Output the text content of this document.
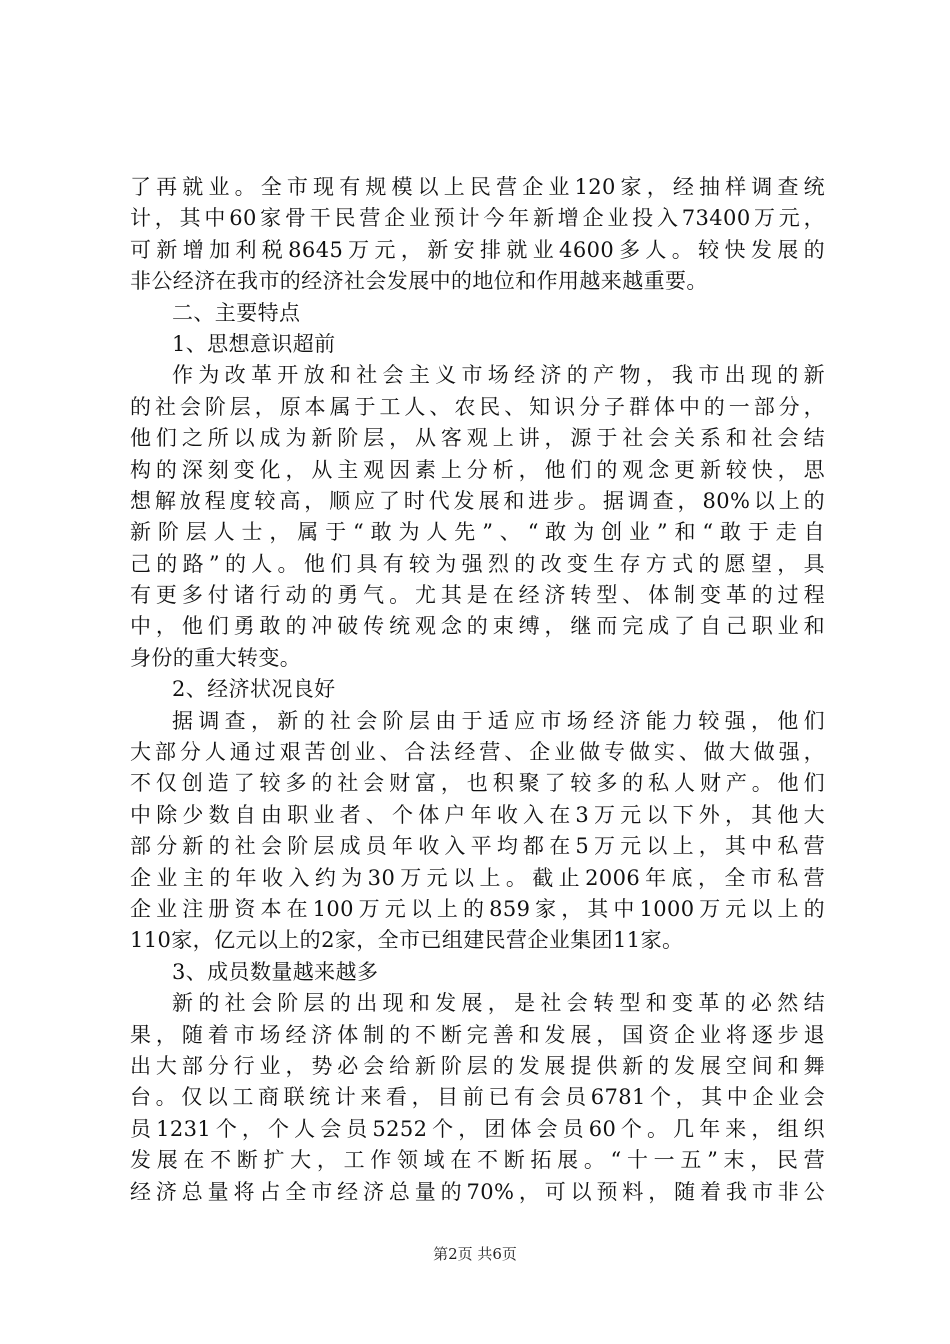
了再就业。全市现有规模以上民营企业120家，经抽样调查统
计，其中60家骨干民营企业预计今年新增企业投入73400万元，
可新增加利税8645万元，新安排就业4600多人。较快发展的
非公经济在我市的经济社会发展中的地位和作用越来越重要。
二、主要特点
1、思想意识超前
作为改革开放和社会主义市场经济的产物，我市出现的新
的社会阶层，原本属于工人、农民、知识分子群体中的一部分，
他们之所以成为新阶层，从客观上讲，源于社会关系和社会结
构的深刻变化，从主观因素上分析，他们的观念更新较快，思
想解放程度较高，顺应了时代发展和进步。据调查，80%以上的
新阶层人士，属于“敢为人先”、“敢为创业”和“敢于走自
己的路”的人。他们具有较为强烈的改变生存方式的愿望，具
有更多付诸行动的勇气。尤其是在经济转型、体制变革的过程
中，他们勇敢的冲破传统观念的束缚，继而完成了自己职业和
身份的重大转变。
2、经济状况良好
据调查，新的社会阶层由于适应市场经济能力较强，他们
大部分人通过艰苦创业、合法经营、企业做专做实、做大做强，
不仅创造了较多的社会财富，也积聚了较多的私人财产。他们
中除少数自由职业者、个体户年收入在3万元以下外，其他大
部分新的社会阶层成员年收入平均都在5万元以上，其中私营
企业主的年收入约为30万元以上。截止2006年底，全市私营
企业注册资本在100万元以上的859家，其中1000万元以上的
110家，亿元以上的2家，全市已组建民营企业集团11家。
3、成员数量越来越多
新的社会阶层的出现和发展，是社会转型和变革的必然结
果，随着市场经济体制的不断完善和发展，国资企业将逐步退
出大部分行业，势必会给新阶层的发展提供新的发展空间和舞
台。仅以工商联统计来看，目前已有会员6781个，其中企业会
员1231个，个人会员5252个，团体会员60个。几年来，组织
发展在不断扩大，工作领域在不断拓展。“十一五”末，民营
经济总量将占全市经济总量的70%，可以预料，随着我市非公
第2页 共6页
